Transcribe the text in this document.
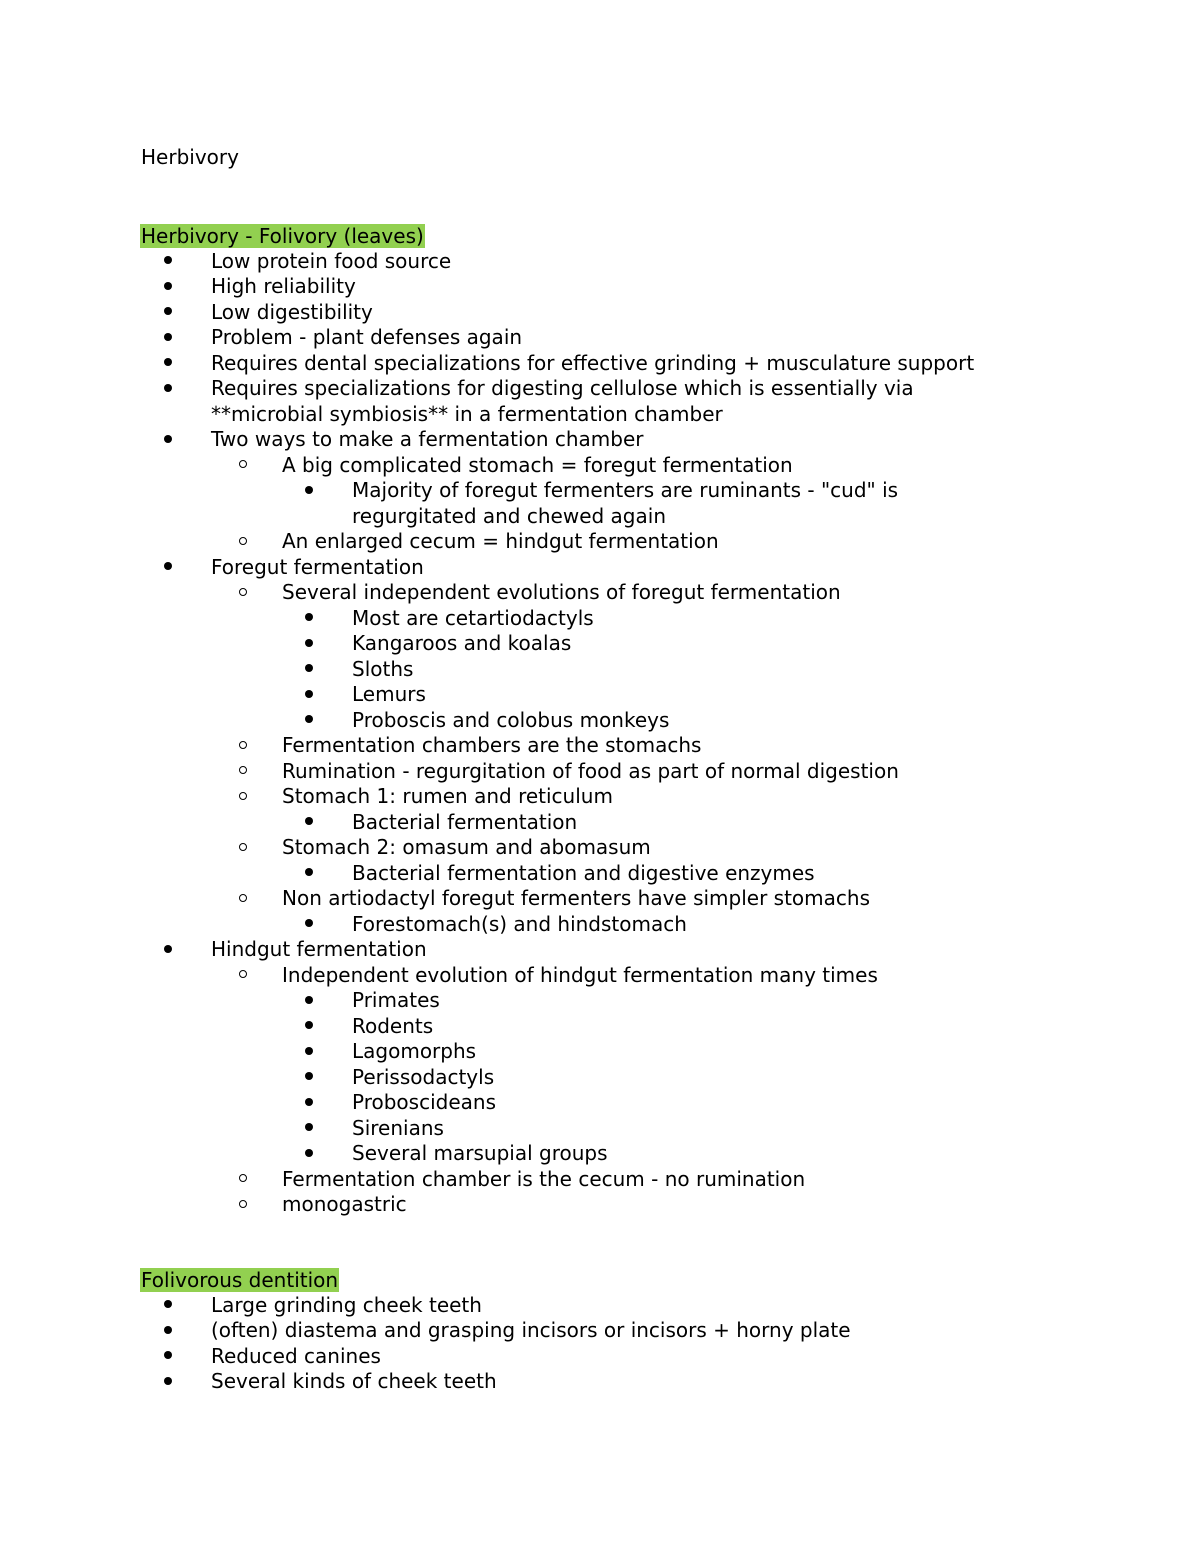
Herbivory
Herbivory - Folivory (leaves)
Low protein food source
High reliability
Low digestibility
Problem - plant defenses again
Requires dental specializations for effective grinding + musculature support
Requires specializations for digesting cellulose which is essentially via
**microbial symbiosis** in a fermentation chamber
Two ways to make a fermentation chamber
A big complicated stomach = foregut fermentation
Majority of foregut fermenters are ruminants - "cud" is
regurgitated and chewed again
An enlarged cecum = hindgut fermentation
Foregut fermentation
Several independent evolutions of foregut fermentation
Most are cetartiodactyls
Kangaroos and koalas
Sloths
Lemurs
Proboscis and colobus monkeys
Fermentation chambers are the stomachs
Rumination - regurgitation of food as part of normal digestion
Stomach 1: rumen and reticulum
Bacterial fermentation
Stomach 2: omasum and abomasum
Bacterial fermentation and digestive enzymes
Non artiodactyl foregut fermenters have simpler stomachs
Forestomach(s) and hindstomach
Hindgut fermentation
Independent evolution of hindgut fermentation many times
Primates
Rodents
Lagomorphs
Perissodactyls
Proboscideans
Sirenians
Several marsupial groups
Fermentation chamber is the cecum - no rumination
monogastric
Folivorous dentition
Large grinding cheek teeth
(often) diastema and grasping incisors or incisors + horny plate
Reduced canines
Several kinds of cheek teeth
